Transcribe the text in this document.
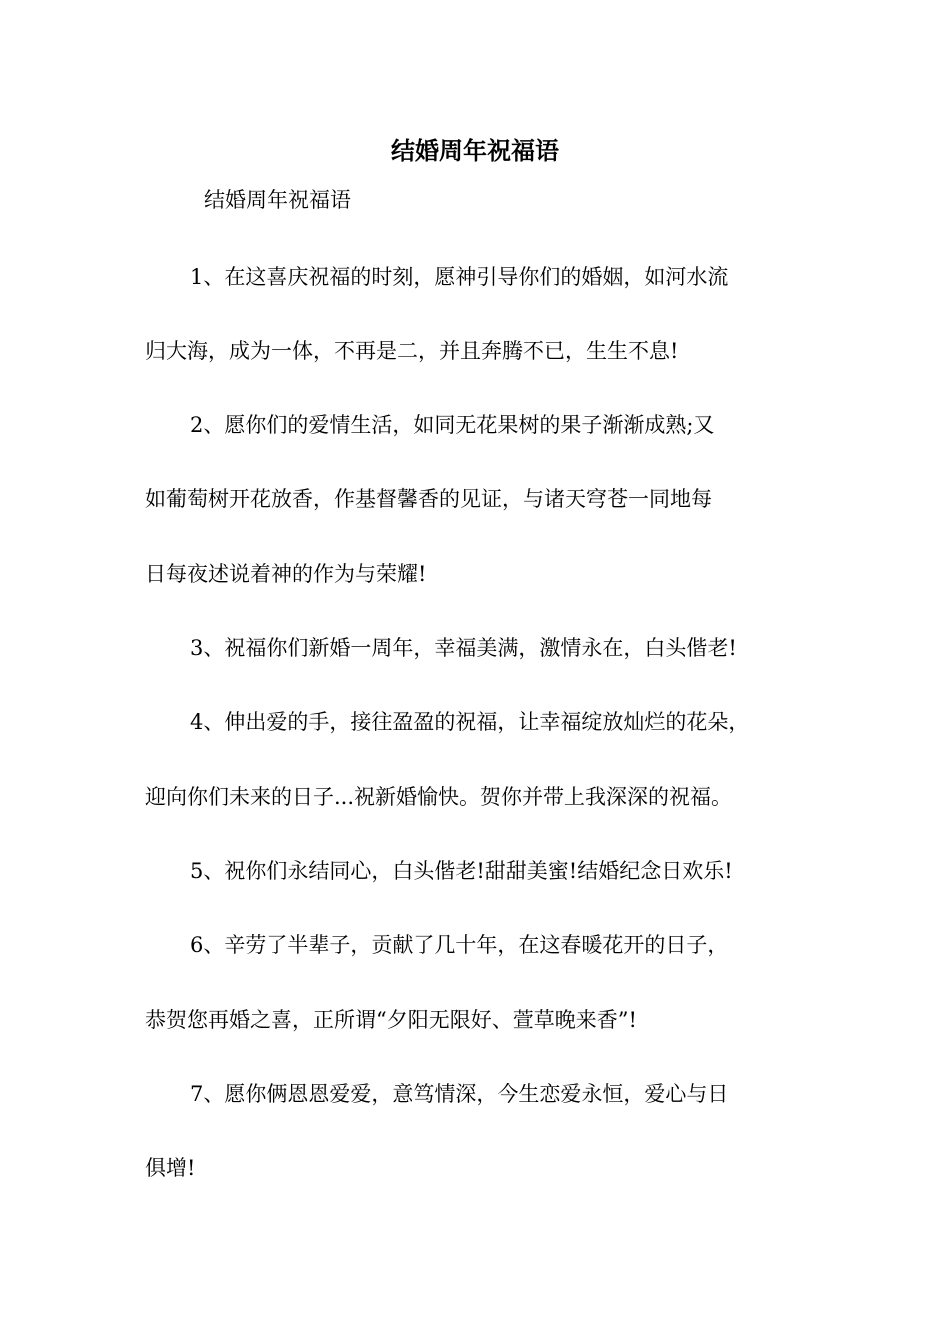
结婚周年祝福语
结婚周年祝福语
1、在这喜庆祝福的时刻，愿神引导你们的婚姻，如河水流
归大海，成为一体，不再是二，并且奔腾不已，生生不息!
2、愿你们的爱情生活，如同无花果树的果子渐渐成熟;又
如葡萄树开花放香，作基督馨香的见证，与诸天穹苍一同地每
日每夜述说着神的作为与荣耀!
3、祝福你们新婚一周年，幸福美满，激情永在，白头偕老!
4、伸出爱的手，接往盈盈的祝福，让幸福绽放灿烂的花朵，
迎向你们未来的日子...祝新婚愉快。贺你并带上我深深的祝福。
5、祝你们永结同心，白头偕老!甜甜美蜜!结婚纪念日欢乐!
6、辛劳了半辈子，贡献了几十年，在这春暖花开的日子，
恭贺您再婚之喜，正所谓“夕阳无限好、萱草晚来香”!
7、愿你俩恩恩爱爱，意笃情深，今生恋爱永恒，爱心与日
俱增!
